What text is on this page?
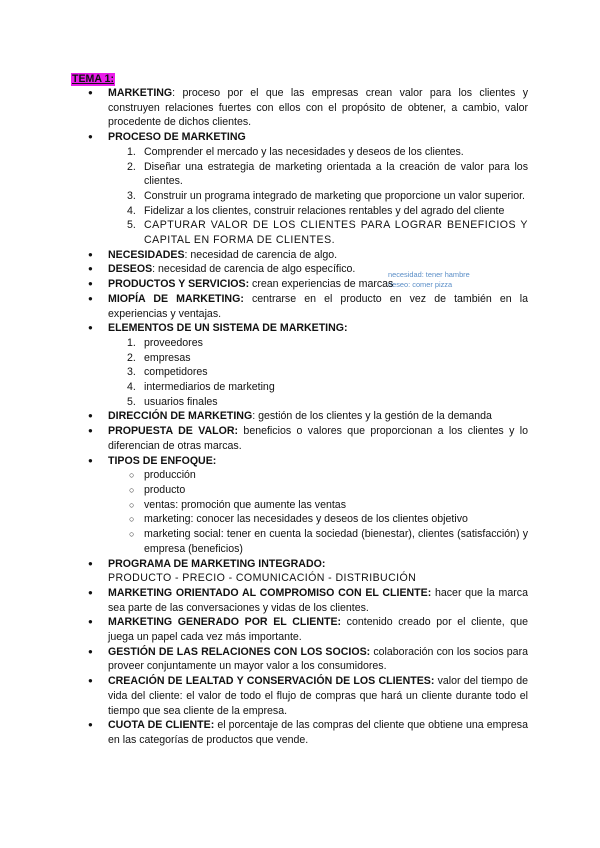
TEMA 1:
necesidad: tener hambre
deseo: comer pizza
● MARKETING: proceso por el que las empresas crean valor para los clientes y construyen relaciones fuertes con ellos con el propósito de obtener, a cambio, valor procedente de dichos clientes.
● PROCESO DE MARKETING
1. Comprender el mercado y las necesidades y deseos de los clientes.
2. Diseñar una estrategia de marketing orientada a la creación de valor para los clientes.
3. Construir un programa integrado de marketing que proporcione un valor superior.
4. Fidelizar a los clientes, construir relaciones rentables y del agrado del cliente
5. CAPTURAR VALOR DE LOS CLIENTES PARA LOGRAR BENEFICIOS Y CAPITAL EN FORMA DE CLIENTES.
● NECESIDADES: necesidad de carencia de algo.
● DESEOS: necesidad de carencia de algo específico.
● PRODUCTOS Y SERVICIOS: crean experiencias de marcas
● MIOPÍA DE MARKETING: centrarse en el producto en vez de también en la experiencias y ventajas.
● ELEMENTOS DE UN SISTEMA DE MARKETING:
1. proveedores
2. empresas
3. competidores
4. intermediarios de marketing
5. usuarios finales
● DIRECCIÓN DE MARKETING: gestión de los clientes y la gestión de la demanda
● PROPUESTA DE VALOR: beneficios o valores que proporcionan a los clientes y lo diferencian de otras marcas.
● TIPOS DE ENFOQUE:
○ producción
○ producto
○ ventas: promoción que aumente las ventas
○ marketing: conocer las necesidades y deseos de los clientes objetivo
○ marketing social: tener en cuenta la sociedad (bienestar), clientes (satisfacción) y empresa (beneficios)
● PROGRAMA DE MARKETING INTEGRADO:
PRODUCTO - PRECIO - COMUNICACIÓN - DISTRIBUCIÓN
● MARKETING ORIENTADO AL COMPROMISO CON EL CLIENTE: hacer que la marca sea parte de las conversaciones y vidas de los clientes.
● MARKETING GENERADO POR EL CLIENTE: contenido creado por el cliente, que juega un papel cada vez más importante.
● GESTIÓN DE LAS RELACIONES CON LOS SOCIOS: colaboración con los socios para proveer conjuntamente un mayor valor a los consumidores.
● CREACIÓN DE LEALTAD Y CONSERVACIÓN DE LOS CLIENTES: valor del tiempo de vida del cliente: el valor de todo el flujo de compras que hará un cliente durante todo el tiempo que sea cliente de la empresa.
● CUOTA DE CLIENTE: el porcentaje de las compras del cliente que obtiene una empresa en las categorías de productos que vende.
